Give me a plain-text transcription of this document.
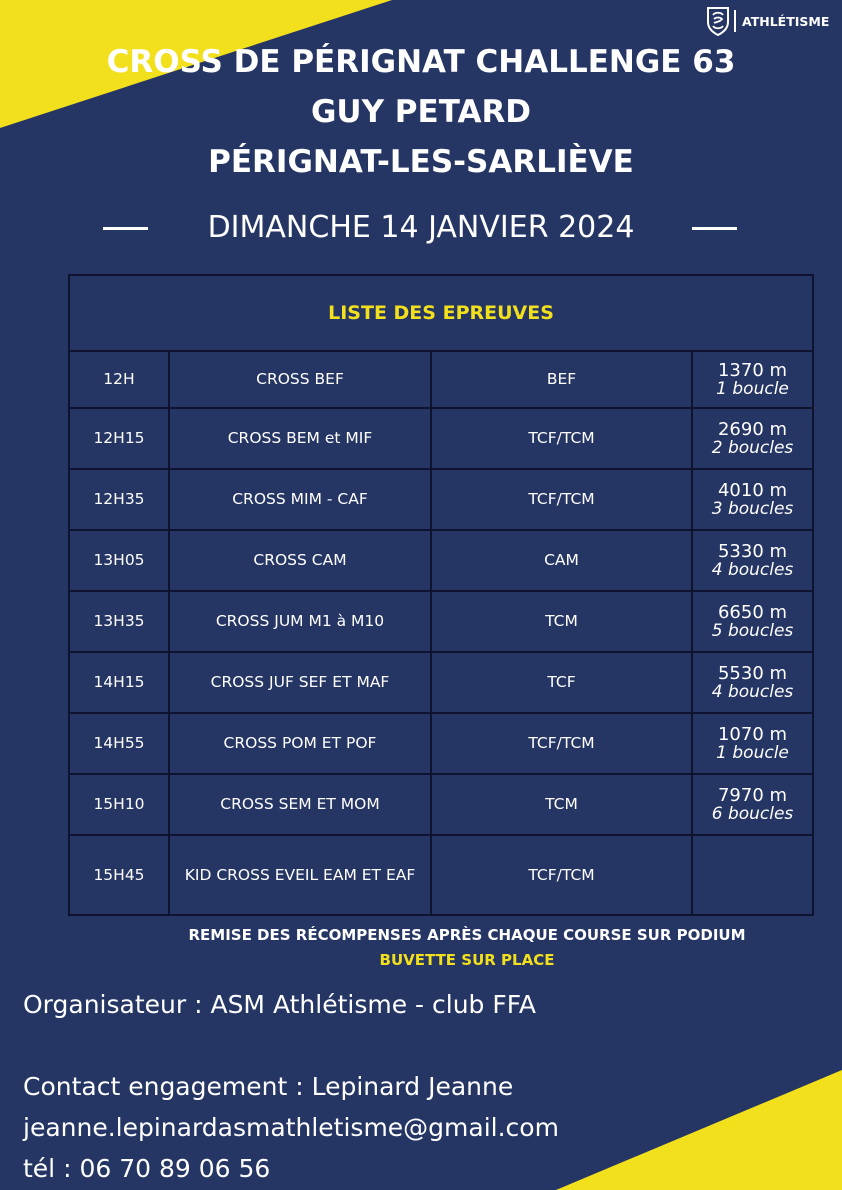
ATHLÉTISME
CROSS DE PÉRIGNAT CHALLENGE 63
GUY PETARD
PÉRIGNAT-LES-SARLIÈVE
DIMANCHE 14 JANVIER 2024
LISTE DES EPREUVES			
12H	CROSS BEF	BEF	1370 m
1 boucle

12H15	CROSS BEM et MIF	TCF/TCM	2690 m
2 boucles

12H35	CROSS MIM - CAF	TCF/TCM	4010 m
3 boucles

13H05	CROSS CAM	CAM	5330 m
4 boucles

13H35	CROSS JUM M1 à M10	TCM	6650 m
5 boucles

14H15	CROSS JUF SEF ET MAF	TCF	5530 m
4 boucles

14H55	CROSS POM ET POF	TCF/TCM	1070 m
1 boucle

15H10	CROSS SEM ET MOM	TCM	7970 m
6 boucles

15H45	KID CROSS EVEIL EAM ET EAF	TCF/TCM	
REMISE DES RÉCOMPENSES APRÈS CHAQUE COURSE SUR PODIUM
BUVETTE SUR PLACE
Organisateur : ASM Athlétisme - club FFA
Contact engagement : Lepinard Jeanne
jeanne.lepinardasmathletisme@gmail.com
tél : 06 70 89 06 56
